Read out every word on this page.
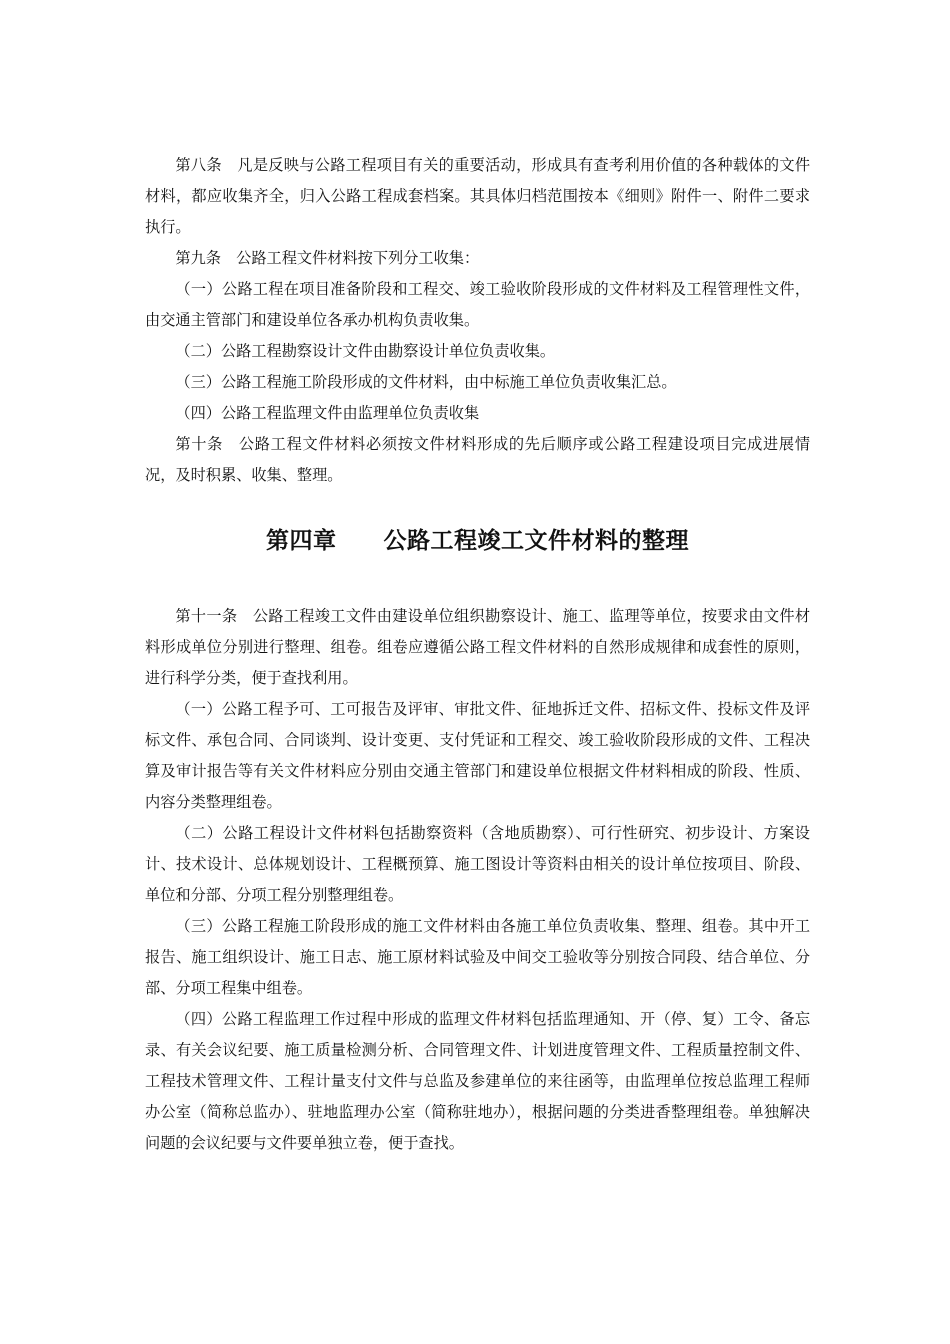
第八条　凡是反映与公路工程项目有关的重要活动，形成具有查考利用价值的各种载体的文件材料，都应收集齐全，归入公路工程成套档案。其具体归档范围按本《细则》附件一、附件二要求执行。

第九条　公路工程文件材料按下列分工收集：

（一）公路工程在项目准备阶段和工程交、竣工验收阶段形成的文件材料及工程管理性文件，由交通主管部门和建设单位各承办机构负责收集。

（二）公路工程勘察设计文件由勘察设计单位负责收集。

（三）公路工程施工阶段形成的文件材料，由中标施工单位负责收集汇总。

（四）公路工程监理文件由监理单位负责收集

第十条　公路工程文件材料必须按文件材料形成的先后顺序或公路工程建设项目完成进展情况，及时积累、收集、整理。

第四章　　公路工程竣工文件材料的整理

第十一条　公路工程竣工文件由建设单位组织勘察设计、施工、监理等单位，按要求由文件材料形成单位分别进行整理、组卷。组卷应遵循公路工程文件材料的自然形成规律和成套性的原则，进行科学分类，便于查找利用。

（一）公路工程予可、工可报告及评审、审批文件、征地拆迁文件、招标文件、投标文件及评标文件、承包合同、合同谈判、设计变更、支付凭证和工程交、竣工验收阶段形成的文件、工程决算及审计报告等有关文件材料应分别由交通主管部门和建设单位根据文件材料相成的阶段、性质、内容分类整理组卷。

（二）公路工程设计文件材料包括勘察资料（含地质勘察）、可行性研究、初步设计、方案设计、技术设计、总体规划设计、工程概预算、施工图设计等资料由相关的设计单位按项目、阶段、单位和分部、分项工程分别整理组卷。

（三）公路工程施工阶段形成的施工文件材料由各施工单位负责收集、整理、组卷。其中开工报告、施工组织设计、施工日志、施工原材料试验及中间交工验收等分别按合同段、结合单位、分部、分项工程集中组卷。

（四）公路工程监理工作过程中形成的监理文件材料包括监理通知、开（停、复）工令、备忘录、有关会议纪要、施工质量检测分析、合同管理文件、计划进度管理文件、工程质量控制文件、工程技术管理文件、工程计量支付文件与总监及参建单位的来往函等，由监理单位按总监理工程师办公室（简称总监办）、驻地监理办公室（简称驻地办），根据问题的分类进香整理组卷。单独解决问题的会议纪要与文件要单独立卷，便于查找。
